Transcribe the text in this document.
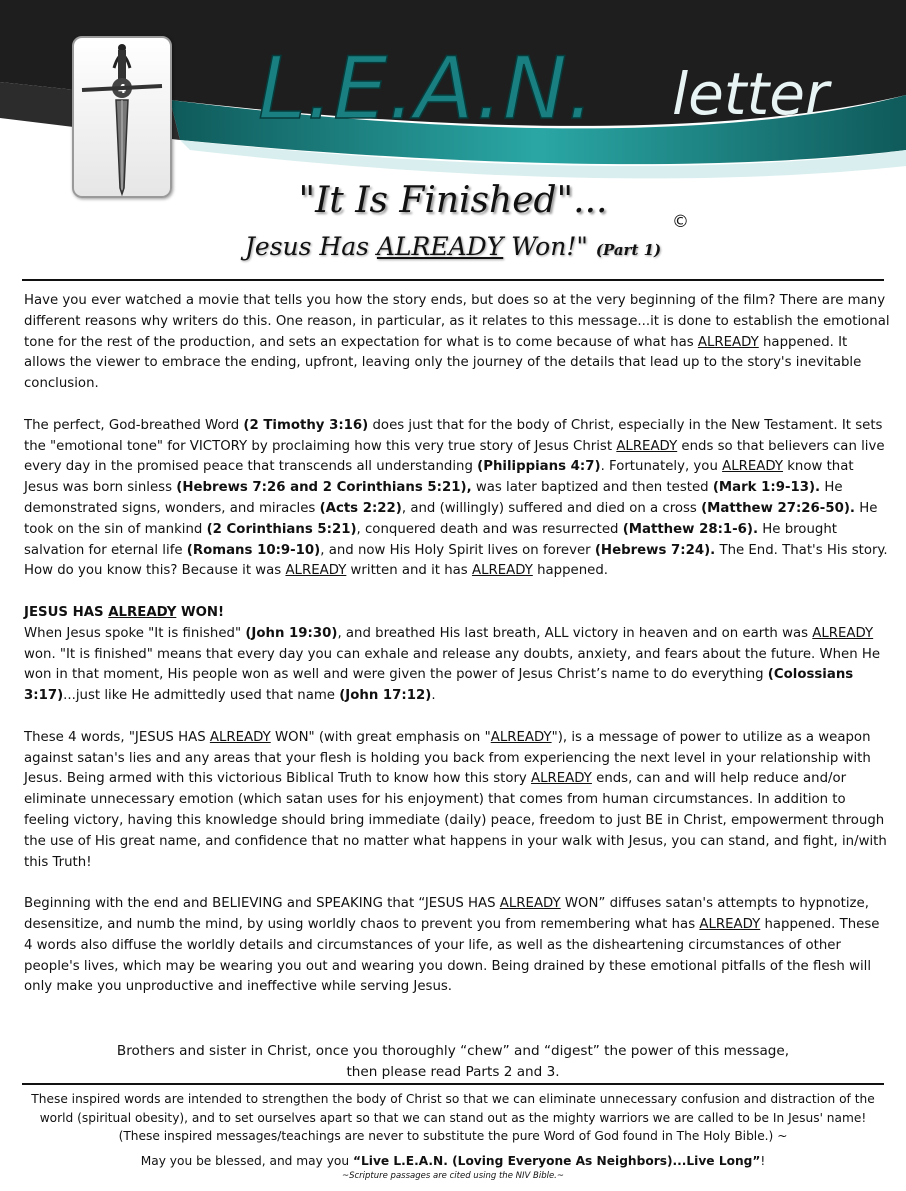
L.E.A.N. letter
"It Is Finished"...
©
Jesus Has ALREADY Won!" (Part 1)

Have you ever watched a movie that tells you how the story ends, but does so at the very beginning of the film? There are many different reasons why writers do this. One reason, in particular, as it relates to this message...it is done to establish the emotional tone for the rest of the production, and sets an expectation for what is to come because of what has ALREADY happened. It allows the viewer to embrace the ending, upfront, leaving only the journey of the details that lead up to the story's inevitable conclusion.

The perfect, God-breathed Word (2 Timothy 3:16) does just that for the body of Christ, especially in the New Testament. It sets the "emotional tone" for VICTORY by proclaiming how this very true story of Jesus Christ ALREADY ends so that believers can live every day in the promised peace that transcends all understanding (Philippians 4:7). Fortunately, you ALREADY know that Jesus was born sinless (Hebrews 7:26 and 2 Corinthians 5:21), was later baptized and then tested (Mark 1:9-13). He demonstrated signs, wonders, and miracles (Acts 2:22), and (willingly) suffered and died on a cross (Matthew 27:26-50). He took on the sin of mankind (2 Corinthians 5:21), conquered death and was resurrected (Matthew 28:1-6). He brought salvation for eternal life (Romans 10:9-10), and now His Holy Spirit lives on forever (Hebrews 7:24). The End. That's His story. How do you know this? Because it was ALREADY written and it has ALREADY happened.

JESUS HAS ALREADY WON!

When Jesus spoke "It is finished" (John 19:30), and breathed His last breath, ALL victory in heaven and on earth was ALREADY won. "It is finished" means that every day you can exhale and release any doubts, anxiety, and fears about the future. When He won in that moment, His people won as well and were given the power of Jesus Christ’s name to do everything (Colossians 3:17)...just like He admittedly used that name (John 17:12).

These 4 words, "JESUS HAS ALREADY WON" (with great emphasis on "ALREADY"), is a message of power to utilize as a weapon against satan's lies and any areas that your flesh is holding you back from experiencing the next level in your relationship with Jesus. Being armed with this victorious Biblical Truth to know how this story ALREADY ends, can and will help reduce and/or eliminate unnecessary emotion (which satan uses for his enjoyment) that comes from human circumstances. In addition to feeling victory, having this knowledge should bring immediate (daily) peace, freedom to just BE in Christ, empowerment through the use of His great name, and confidence that no matter what happens in your walk with Jesus, you can stand, and fight, in/with this Truth!

Beginning with the end and BELIEVING and SPEAKING that “JESUS HAS ALREADY WON” diffuses satan's attempts to hypnotize, desensitize, and numb the mind, by using worldly chaos to prevent you from remembering what has ALREADY happened. These 4 words also diffuse the worldly details and circumstances of your life, as well as the disheartening circumstances of other people's lives, which may be wearing you out and wearing you down. Being drained by these emotional pitfalls of the flesh will only make you unproductive and ineffective while serving Jesus.

Brothers and sister in Christ, once you thoroughly “chew” and “digest” the power of this message,
then please read Parts 2 and 3.
These inspired words are intended to strengthen the body of Christ so that we can eliminate unnecessary confusion and distraction of the
world (spiritual obesity), and to set ourselves apart so that we can stand out as the mighty warriors we are called to be In Jesus' name!
(These inspired messages/teachings are never to substitute the pure Word of God found in The Holy Bible.) ~
May you be blessed, and may you “Live L.E.A.N. (Loving Everyone As Neighbors)...Live Long”!
~Scripture passages are cited using the NIV Bible.~
